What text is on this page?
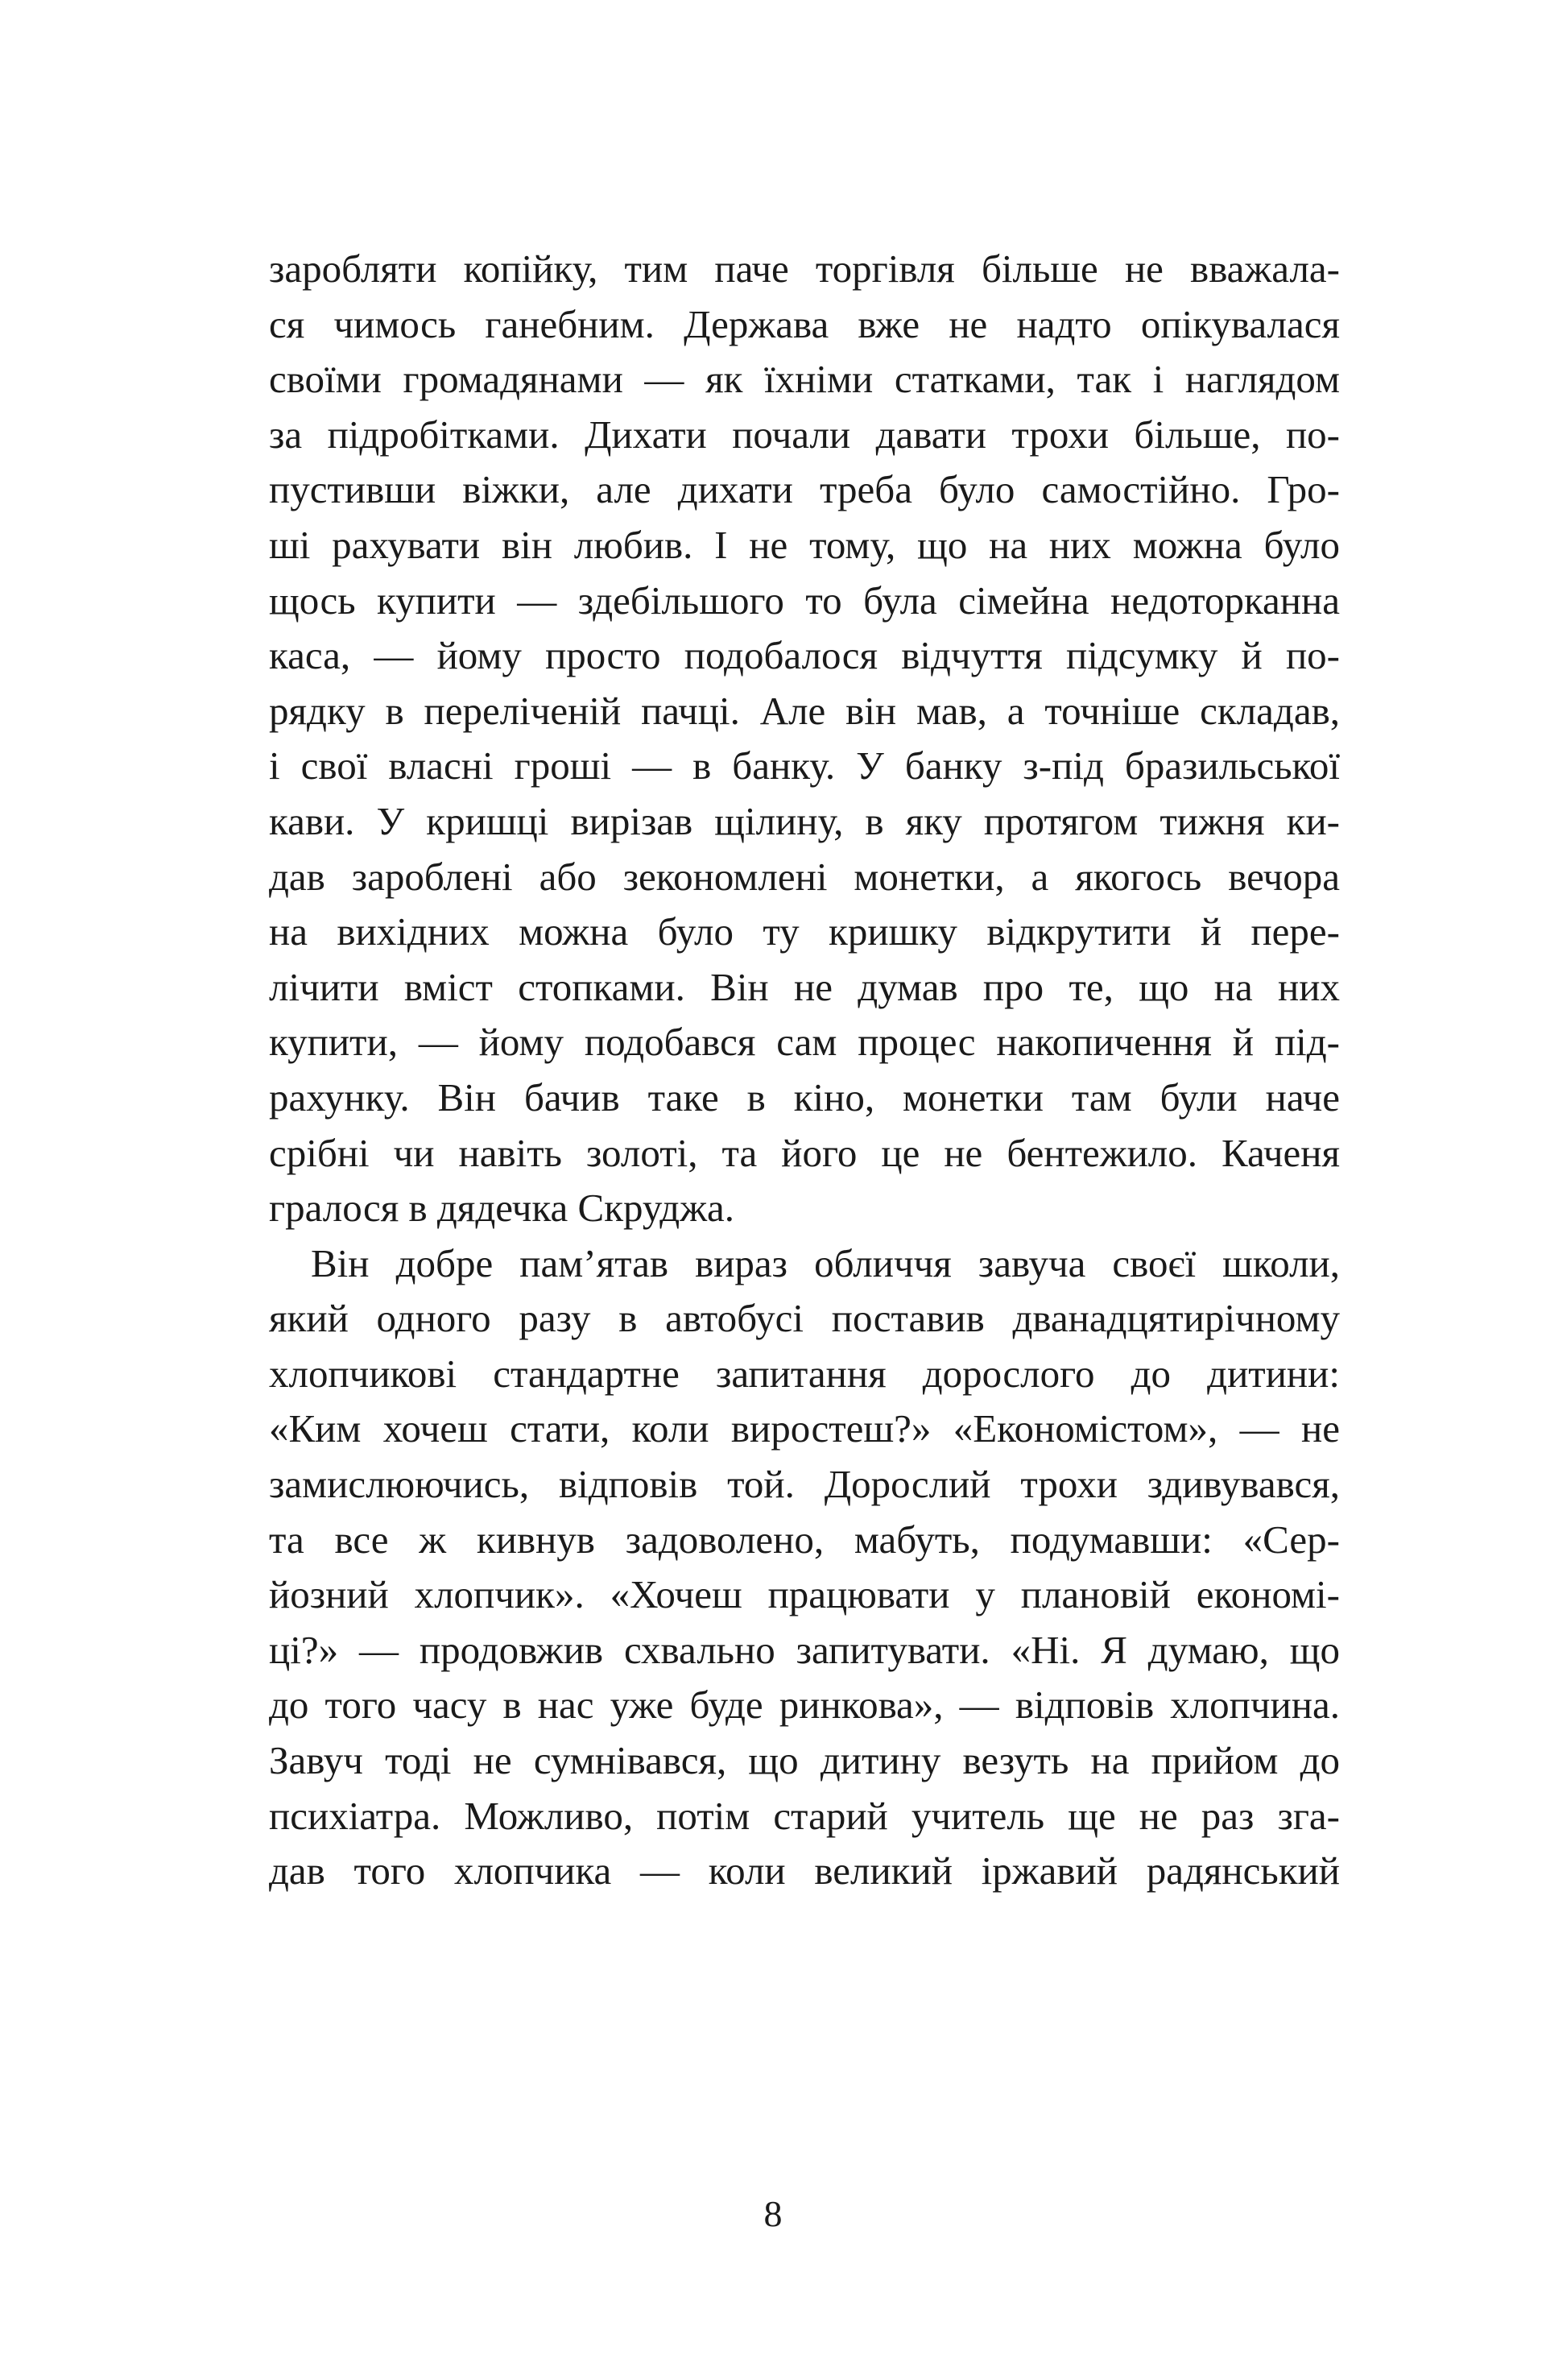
заробляти копійку, тим паче торгівля більше не вважала-
ся чимось ганебним. Держава вже не надто опікувалася
своїми громадянами — як їхніми статками, так і наглядом
за підробітками. Дихати почали давати трохи більше, по-
пустивши віжки, але дихати треба було самостійно. Гро-
ші рахувати він любив. І не тому, що на них можна було
щось купити — здебільшого то була сімейна недоторканна
каса, — йому просто подобалося відчуття підсумку й по-
рядку в переліченій пачці. Але він мав, а точніше складав,
і свої власні гроші — в банку. У банку з-під бразильської
кави. У кришці вирізав щілину, в яку протягом тижня ки-
дав зароблені або зекономлені монетки, а якогось вечора
на вихідних можна було ту кришку відкрутити й пере-
лічити вміст стопками. Він не думав про те, що на них
купити, — йому подобався сам процес накопичення й під-
рахунку. Він бачив таке в кіно, монетки там були наче
срібні чи навіть золоті, та його це не бентежило. Каченя
гралося в дядечка Скруджа.
Він добре пам’ятав вираз обличчя завуча своєї школи,
який одного разу в автобусі поставив дванадцятирічному
хлопчикові стандартне запитання дорослого до дитини:
«Ким хочеш стати, коли виростеш?» «Економістом», — не
замислюючись, відповів той. Дорослий трохи здивувався,
та все ж кивнув задоволено, мабуть, подумавши: «Сер-
йозний хлопчик». «Хочеш працювати у плановій економі-
ці?» — продовжив схвально запитувати. «Ні. Я думаю, що
до того часу в нас уже буде ринкова», — відповів хлопчина.
Завуч тоді не сумнівався, що дитину везуть на прийом до
психіатра. Можливо, потім старий учитель ще не раз зга-
дав того хлопчика — коли великий іржавий радянський
8
